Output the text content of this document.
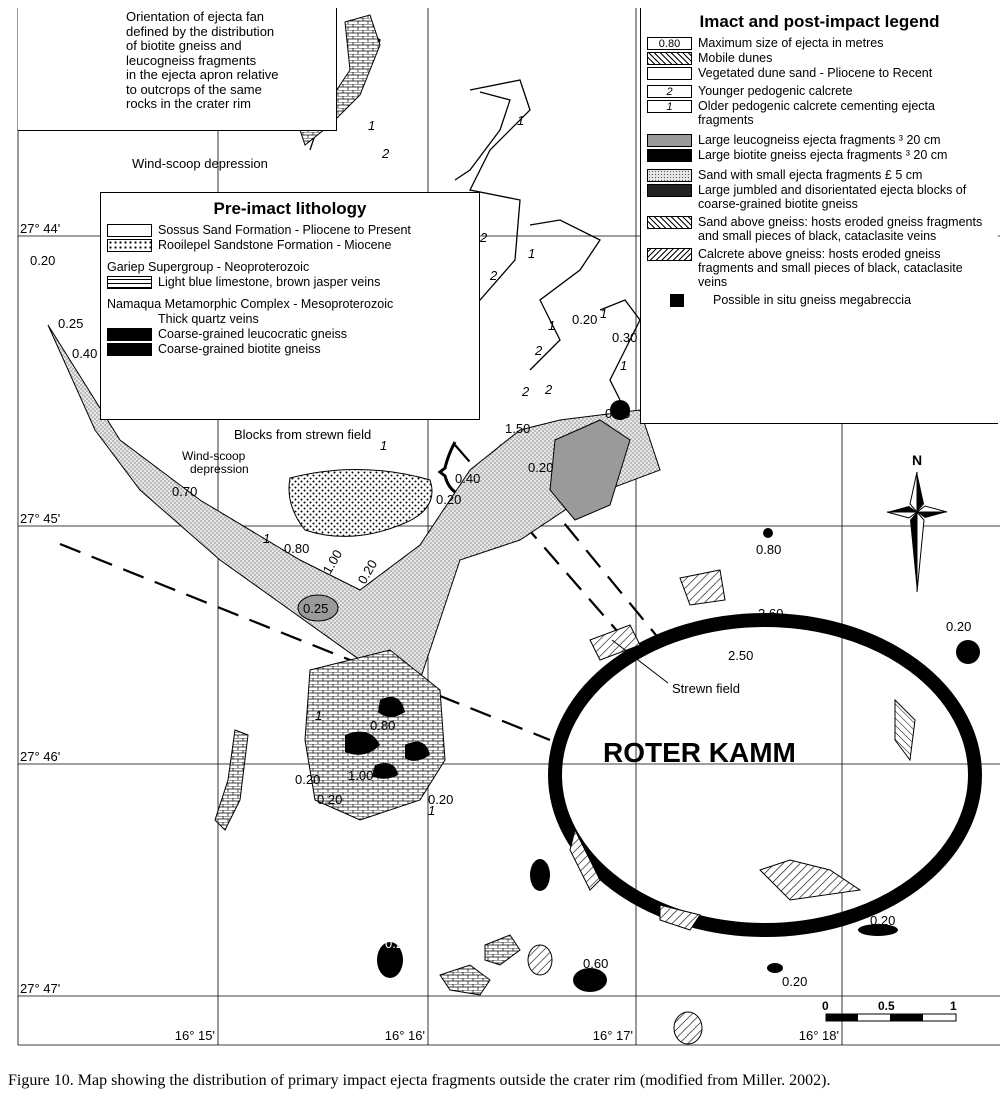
1
2
1
2
1
2
1
1
1
1
1
2
1
1
2
2
0.20
0.25
0.40
0.70
0.80 1.00 0.20
0.25
0.80
1.00
0.20
0.20	0.20
1.50
0.40
0.20
0.20
0.20
0.30
0.20
0.80
2.60
2.50
0.20
0.20
0.60
0.20
0.20
27° 44'
27° 45'
27° 46'
27° 47'
16° 15'	16° 16'	16° 17'	16° 18'
Wind-scoop depression
Wind-scoop
depression
Blocks from strewn field
Strewn field
ROTER KAMM
N
0	0.5	1
Orientation of ejecta fan
defined by the distribution
of biotite gneiss and
leucogneiss fragments
in the ejecta apron relative
to outcrops of the same
rocks in the crater rim
Pre-imact lithology
Sossus Sand Formation - Pliocene to Present
Rooilepel Sandstone Formation - Miocene
Gariep Supergroup - Neoproterozoic
Light blue limestone, brown jasper veins
Namaqua Metamorphic Complex - Mesoproterozoic
Thick quartz veins
Coarse-grained leucocratic gneiss
Coarse-grained biotite gneiss
Imact and post-impact legend
0.80	Maximum size of ejecta in metres
Mobile dunes
Vegetated dune sand - Pliocene to Recent
2	Younger pedogenic calcrete
1	Older pedogenic calcrete cementing ejecta fragments
Large leucogneiss ejecta fragments ³ 20 cm
Large biotite gneiss ejecta fragments ³ 20 cm
Sand with small ejecta fragments £ 5 cm
Large jumbled and disorientated ejecta blocks of coarse-grained biotite gneiss
Sand above gneiss: hosts eroded gneiss fragments and small pieces of black, cataclasite veins
Calcrete above gneiss: hosts eroded gneiss fragments and small pieces of black, cataclasite veins
Possible in situ gneiss megabreccia
Figure 10. Map showing the distribution of primary impact ejecta fragments outside the crater rim (modified from Miller. 2002).
